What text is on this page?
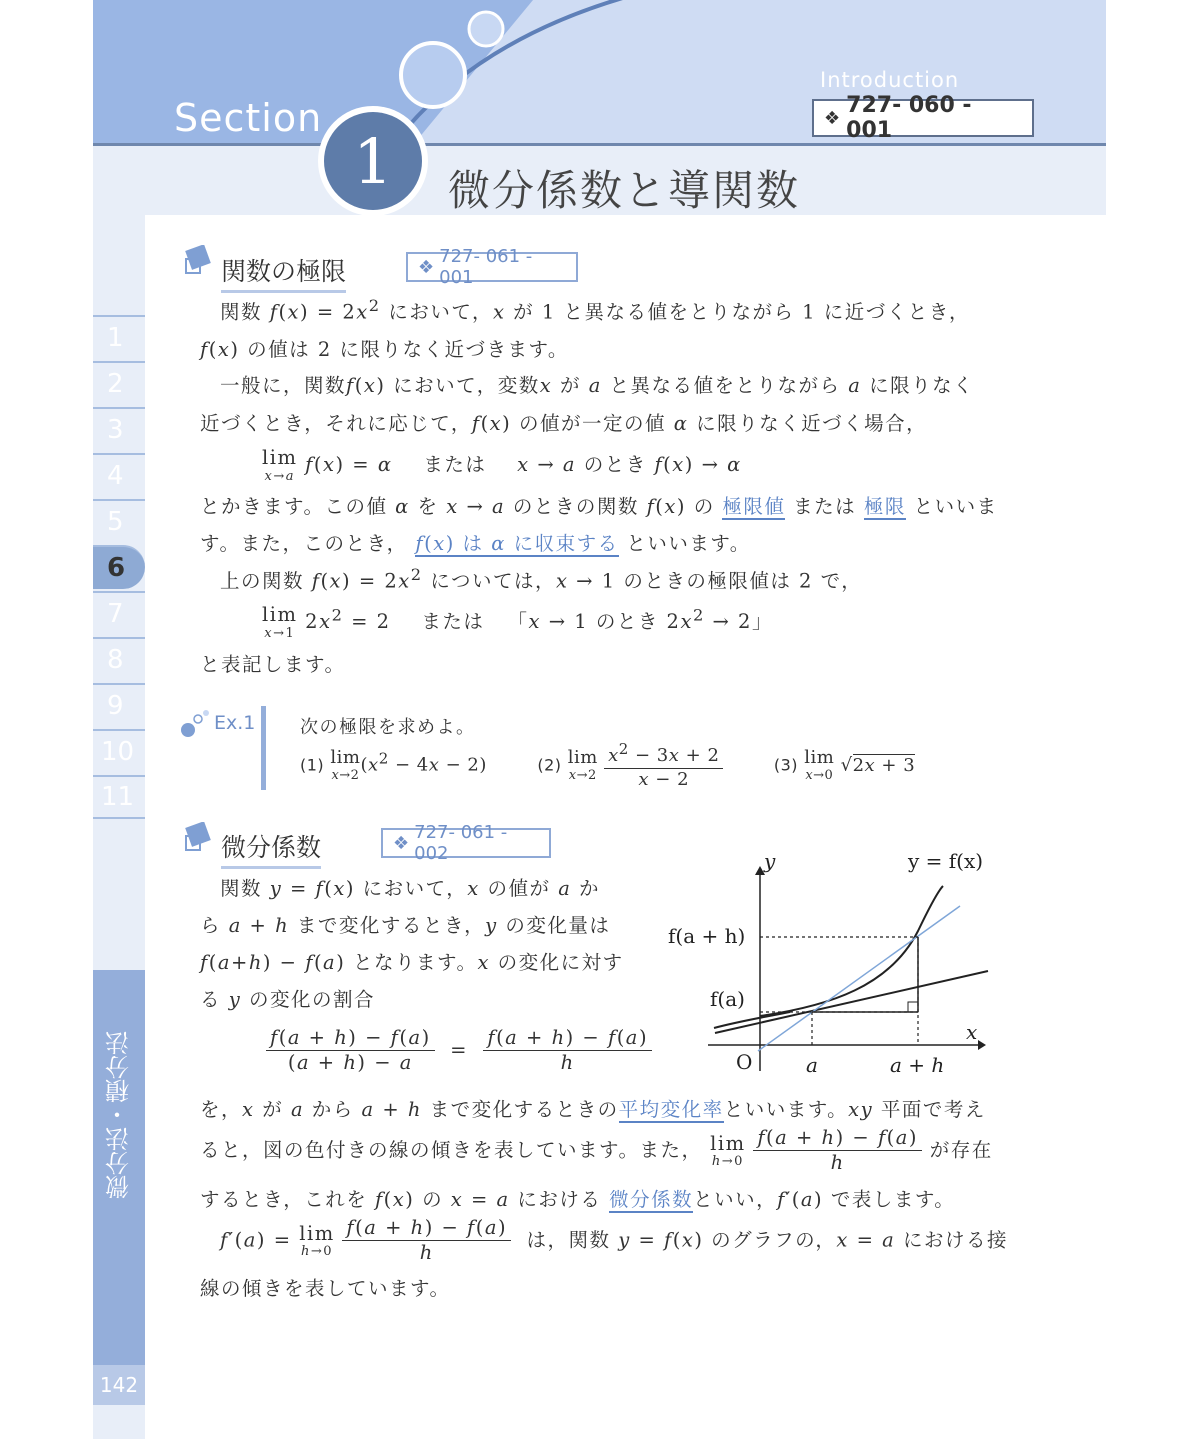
Section
1
Introduction
❖ 727- 060 - 001
微分係数と導関数
1
2
3
4
5
6
7
8
9
10
11
微分法・積分法
142
関数の極限	❖ 727- 061 - 001
関数 $f(x) = 2x^2$ において，x が 1 と異なる値をとりながら 1 に近づくとき，
f(x) の値は 2 に限りなく近づきます。
一般に，関数f(x) において，変数x が a と異なる値をとりながら a に限りなく
近づくとき，それに応じて，f(x) の値が一定の値 α に限りなく近づく場合，
lim
x→a
f(x) = α または x → a のとき f(x) → α
とかきます。この値 α を x → a のときの関数 f(x) の 極限値 または 極限 といいま
す。また，このとき， f(x) は α に収束する といいます。
上の関数 $f(x) = 2x^2$ については，x → 1 のときの極限値は 2 で，
lim
x→1
$2x^2 = 2$    または 「x → 1 のとき $2x^2 \to 2$」
と表記します。
Ex.1 次の極限を求めよ。
(1) lim
x→2 $(x^2 - 4x - 2)$	(2) lim
x→2
$\frac{x^2 - 3x + 2}{x - 2}$	(3) lim
x→0 √2x + 3
微分係数	❖ 727- 061 - 002
関数 y = f(x) において，x の値が a か
ら a + h まで変化するとき，y の変化量は
f(a+h) − f(a) となります。x の変化に対す
る y の変化の割合
$\frac{f(a + h) - f(a)}{(a + h) - a} = \frac{f(a + h) - f(a)}{h}$
y
x
y = f(x)
f(a + h)
f(a)
O	a	a + h
を，x が a から a + h まで変化するときの平均変化率といいます。xy 平面で考え
ると，図の色付きの線の傾きを表しています。また， lim
h→0
$\frac{f(a + h) - f(a)}{h}$ が存在
するとき，これを f(x) の x = a における 微分係数といい，f′(a) で表します。
f′(a) = lim
h→0
$\frac{f(a + h) - f(a)}{h}$ は，関数 y = f(x) のグラフの，x = a における接
線の傾きを表しています。
